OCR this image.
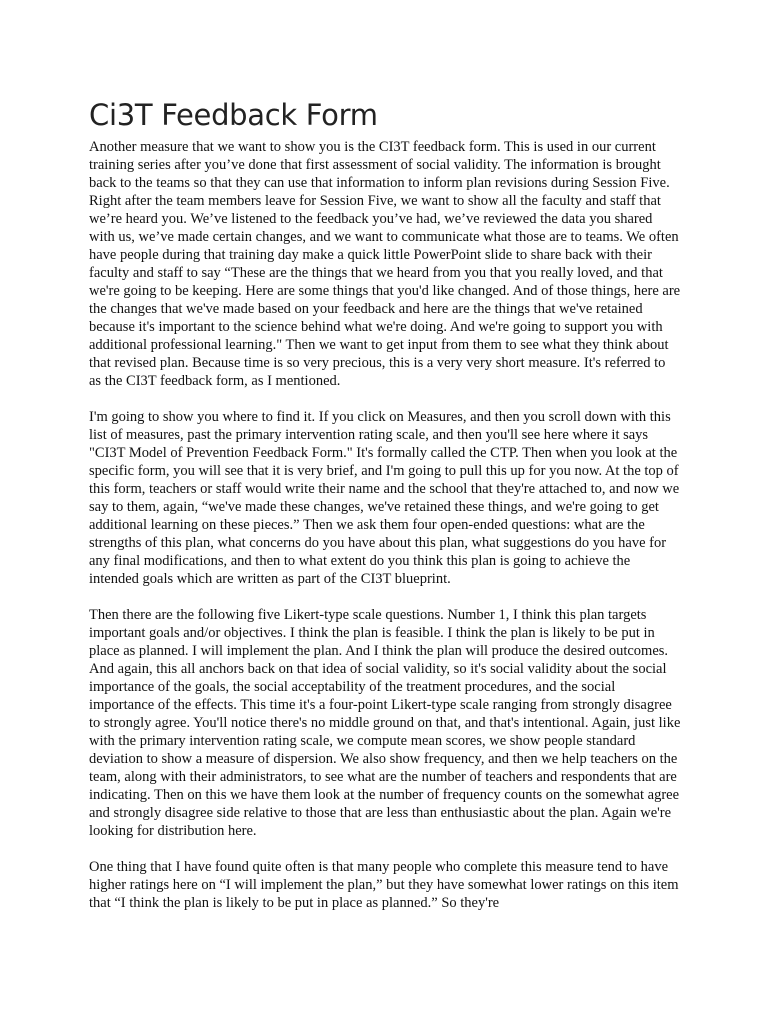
Ci3T Feedback Form

Another measure that we want to show you is the CI3T feedback form. This is used in our current training series after you’ve done that first assessment of social validity. The information is brought back to the teams so that they can use that information to inform plan revisions during Session Five. Right after the team members leave for Session Five, we want to show all the faculty and staff that we’re heard you. We’ve listened to the feedback you’ve had, we’ve reviewed the data you shared with us, we’ve made certain changes, and we want to communicate what those are to teams. We often have people during that training day make a quick little PowerPoint slide to share back with their faculty and staff to say “These are the things that we heard from you that you really loved, and that we're going to be keeping. Here are some things that you'd like changed. And of those things, here are the changes that we've made based on your feedback and here are the things that we've retained because it's important to the science behind what we're doing. And we're going to support you with additional professional learning." Then we want to get input from them to see what they think about that revised plan. Because time is so very precious, this is a very very short measure. It's referred to as the CI3T feedback form, as I mentioned.

I'm going to show you where to find it. If you click on Measures, and then you scroll down with this list of measures, past the primary intervention rating scale, and then you'll see here where it says "CI3T Model of Prevention Feedback Form." It's formally called the CTP. Then when you look at the specific form, you will see that it is very brief, and I'm going to pull this up for you now. At the top of this form, teachers or staff would write their name and the school that they're attached to, and now we say to them, again, “we've made these changes, we've retained these things, and we're going to get additional learning on these pieces.” Then we ask them four open-ended questions: what are the strengths of this plan, what concerns do you have about this plan, what suggestions do you have for any final modifications, and then to what extent do you think this plan is going to achieve the intended goals which are written as part of the CI3T blueprint.

Then there are the following five Likert-type scale questions. Number 1, I think this plan targets important goals and/or objectives. I think the plan is feasible. I think the plan is likely to be put in place as planned. I will implement the plan. And I think the plan will produce the desired outcomes. And again, this all anchors back on that idea of social validity, so it's social validity about the social importance of the goals, the social acceptability of the treatment procedures, and the social importance of the effects. This time it's a four-point Likert-type scale ranging from strongly disagree to strongly agree. You'll notice there's no middle ground on that, and that's intentional. Again, just like with the primary intervention rating scale, we compute mean scores, we show people standard deviation to show a measure of dispersion. We also show frequency, and then we help teachers on the team, along with their administrators, to see what are the number of teachers and respondents that are indicating. Then on this we have them look at the number of frequency counts on the somewhat agree and strongly disagree side relative to those that are less than enthusiastic about the plan. Again we're looking for distribution here.

One thing that I have found quite often is that many people who complete this measure tend to have higher ratings here on “I will implement the plan,” but they have somewhat lower ratings on this item that “I think the plan is likely to be put in place as planned.” So they're
